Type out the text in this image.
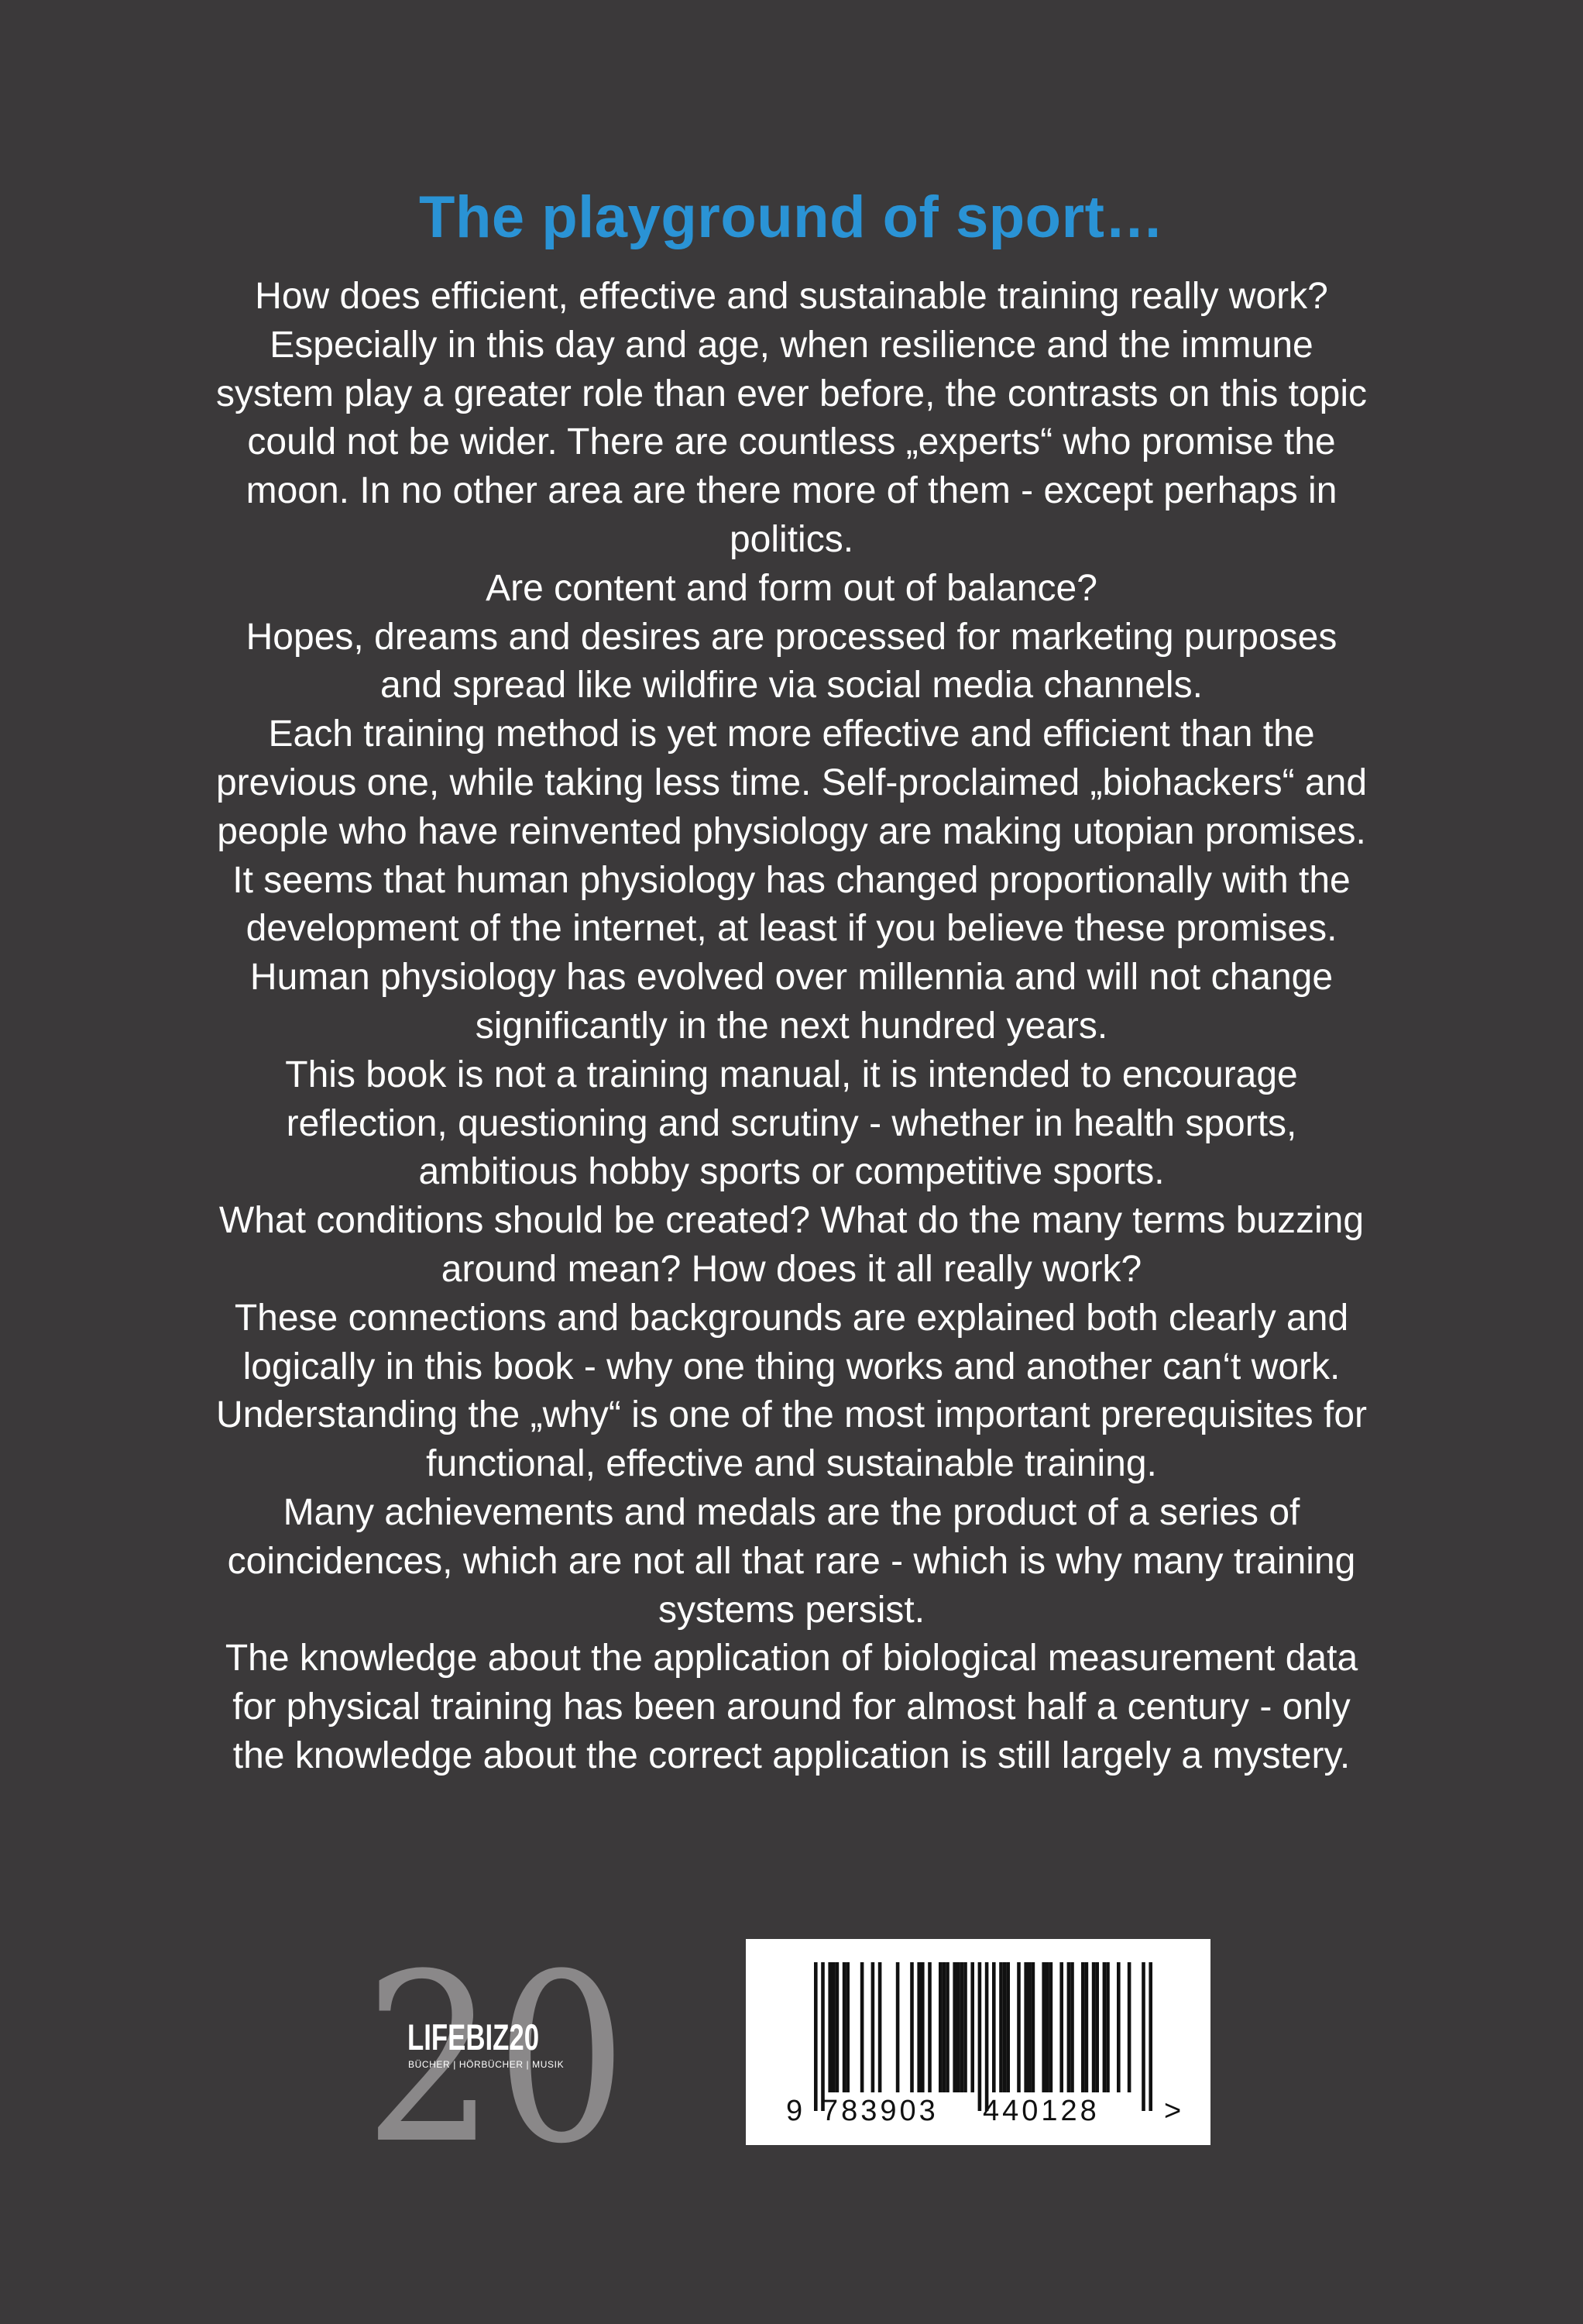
The playground of sport…
How does efficient, effective and sustainable training really work?
Especially in this day and age, when resilience and the immune
system play a greater role than ever before, the contrasts on this topic
could not be wider. There are countless „experts“ who promise the
moon. In no other area are there more of them - except perhaps in
politics.
Are content and form out of balance?
Hopes, dreams and desires are processed for marketing purposes
and spread like wildfire via social media channels.
Each training method is yet more effective and efficient than the
previous one, while taking less time. Self-proclaimed „biohackers“ and
people who have reinvented physiology are making utopian promises.
It seems that human physiology has changed proportionally with the
development of the internet, at least if you believe these promises.
Human physiology has evolved over millennia and will not change
significantly in the next hundred years.
This book is not a training manual, it is intended to encourage
reflection, questioning and scrutiny - whether in health sports,
ambitious hobby sports or competitive sports.
What conditions should be created? What do the many terms buzzing
around mean? How does it all really work?
These connections and backgrounds are explained both clearly and
logically in this book - why one thing works and another can‘t work.
Understanding the „why“ is one of the most important prerequisites for
functional, effective and sustainable training.
Many achievements and medals are the product of a series of
coincidences, which are not all that rare - which is why many training
systems persist.
The knowledge about the application of biological measurement data
for physical training has been around for almost half a century - only
the knowledge about the correct application is still largely a mystery.
20
LIFEBIZ20
BÜCHER | HÖRBÜCHER | MUSIK
9 783903 440128 >
